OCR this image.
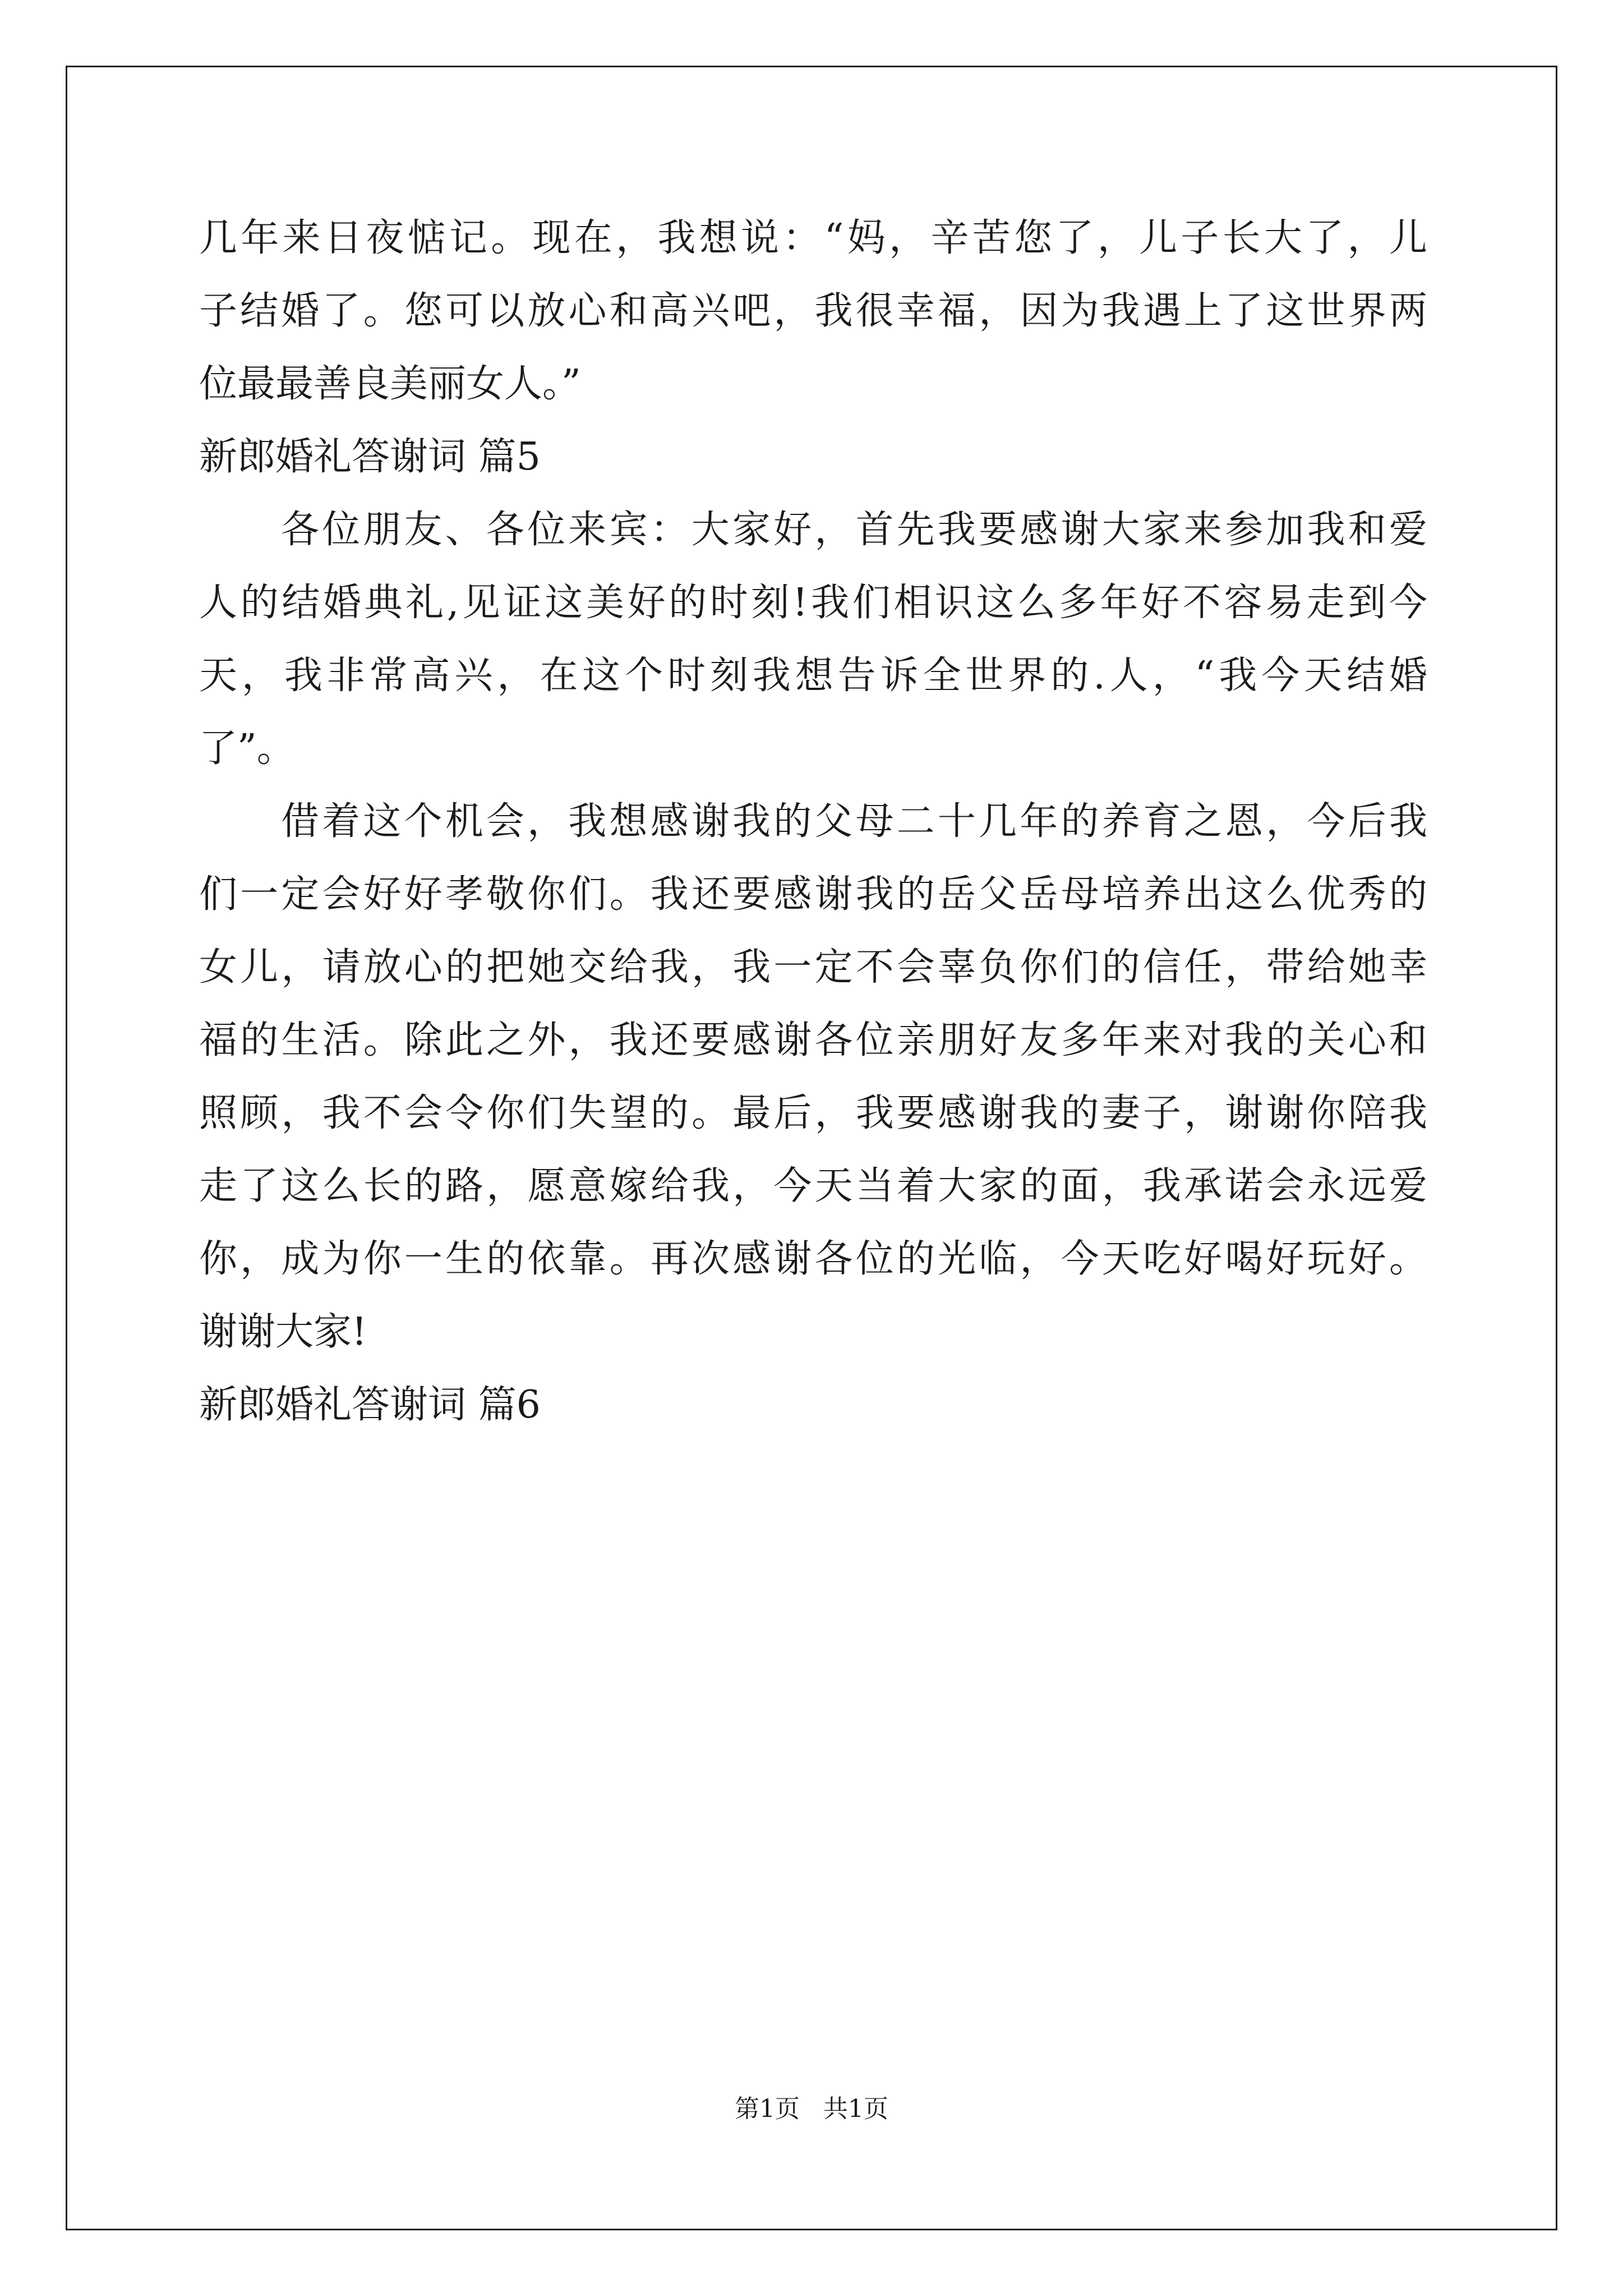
几年来日夜惦记。现在，我想说：“妈，辛苦您了，儿子长大了，儿
子结婚了。您可以放心和高兴吧，我很幸福，因为我遇上了这世界两
位最最善良美丽女人。”
新郎婚礼答谢词 篇5
各位朋友、各位来宾：大家好，首先我要感谢大家来参加我和爱
人的结婚典礼,见证这美好的时刻!我们相识这么多年好不容易走到今
天，我非常高兴，在这个时刻我想告诉全世界的.人，“我今天结婚
了”。
借着这个机会，我想感谢我的父母二十几年的养育之恩，今后我
们一定会好好孝敬你们。我还要感谢我的岳父岳母培养出这么优秀的
女儿，请放心的把她交给我，我一定不会辜负你们的信任，带给她幸
福的生活。除此之外，我还要感谢各位亲朋好友多年来对我的关心和
照顾，我不会令你们失望的。最后，我要感谢我的妻子，谢谢你陪我
走了这么长的路，愿意嫁给我，今天当着大家的面，我承诺会永远爱
你，成为你一生的依靠。再次感谢各位的光临，今天吃好喝好玩好。
谢谢大家!
新郎婚礼答谢词 篇6
第1页   共1页
